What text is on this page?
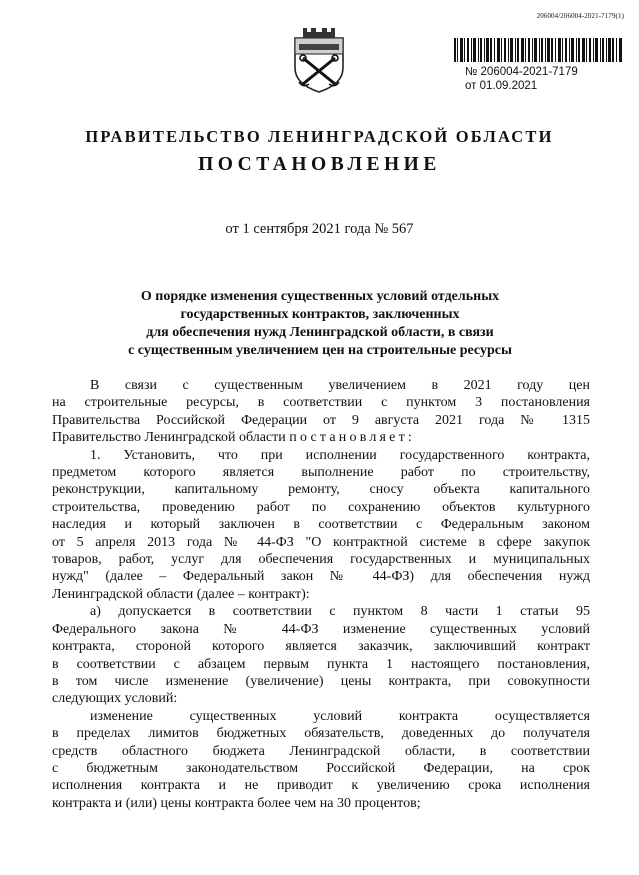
206004/206004-2021-7179(1)
№ 206004-2021-7179
от 01.09.2021
ПРАВИТЕЛЬСТВО ЛЕНИНГРАДСКОЙ ОБЛАСТИ
ПОСТАНОВЛЕНИЕ
от 1 сентября 2021 года № 567
О порядке изменения существенных условий отдельных
государственных контрактов, заключенных
для обеспечения нужд Ленинградской области, в связи
с существенным увеличением цен на строительные ресурсы
В связи с существенным увеличением в 2021 году цен
на строительные ресурсы, в соответствии с пунктом 3 постановления
Правительства Российской Федерации от 9 августа 2021 года № 1315
Правительство Ленинградской области постановляет:
1. Установить, что при исполнении государственного контракта,
предметом которого является выполнение работ по строительству,
реконструкции, капитальному ремонту, сносу объекта капитального
строительства, проведению работ по сохранению объектов культурного
наследия и который заключен в соответствии с Федеральным законом
от 5 апреля 2013 года № 44-ФЗ "О контрактной системе в сфере закупок
товаров, работ, услуг для обеспечения государственных и муниципальных
нужд" (далее – Федеральный закон № 44-ФЗ) для обеспечения нужд
Ленинградской области (далее – контракт):
а) допускается в соответствии с пунктом 8 части 1 статьи 95
Федерального закона № 44-ФЗ изменение существенных условий
контракта, стороной которого является заказчик, заключивший контракт
в соответствии с абзацем первым пункта 1 настоящего постановления,
в том числе изменение (увеличение) цены контракта, при совокупности
следующих условий:
изменение существенных условий контракта осуществляется
в пределах лимитов бюджетных обязательств, доведенных до получателя
средств областного бюджета Ленинградской области, в соответствии
с бюджетным законодательством Российской Федерации, на срок
исполнения контракта и не приводит к увеличению срока исполнения
контракта и (или) цены контракта более чем на 30 процентов;
